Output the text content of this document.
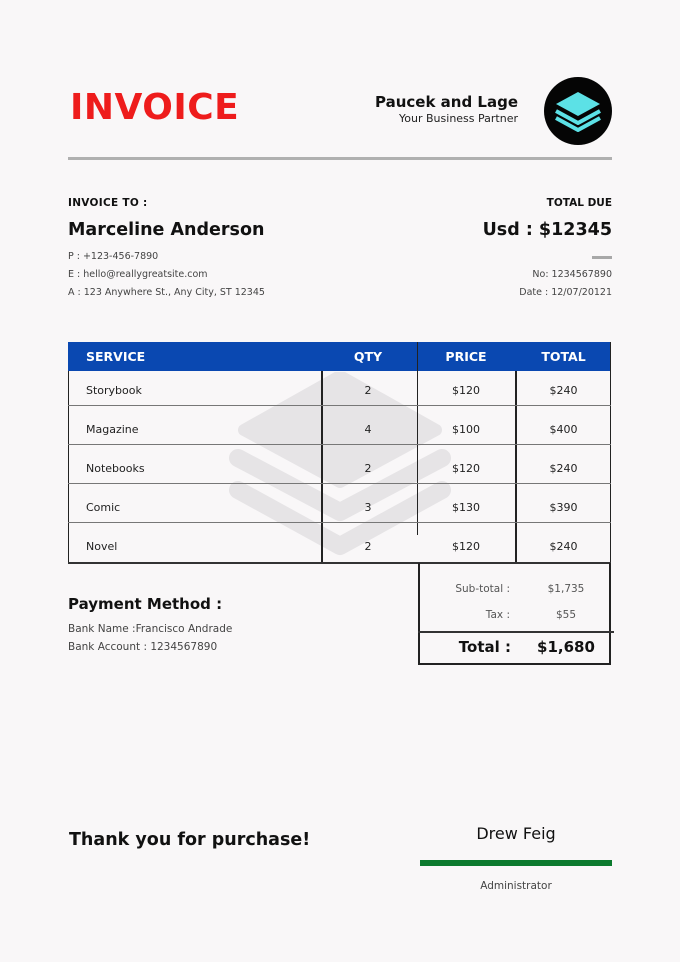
INVOICE	Paucek and Lage
Your Business Partner
INVOICE TO :
Marceline Anderson
P : +123-456-7890
E : hello@reallygreatsite.com
A : 123 Anywhere St., Any City, ST 12345
TOTAL DUE
Usd : $12345
No: 1234567890
Date : 12/07/20121
SERVICE	QTY	PRICE	TOTAL
Storybook	2	$120	$240
Magazine	4	$100	$400
Notebooks	2	$120	$240
Comic	3	$130	$390
Novel	2	$120	$240
Payment Method :
Bank Name :Francisco Andrade
Bank Account : 1234567890
Sub-total :	$1,735
Tax :	$55
Total :	$1,680
Thank you for purchase!	Drew Feig
Administrator
